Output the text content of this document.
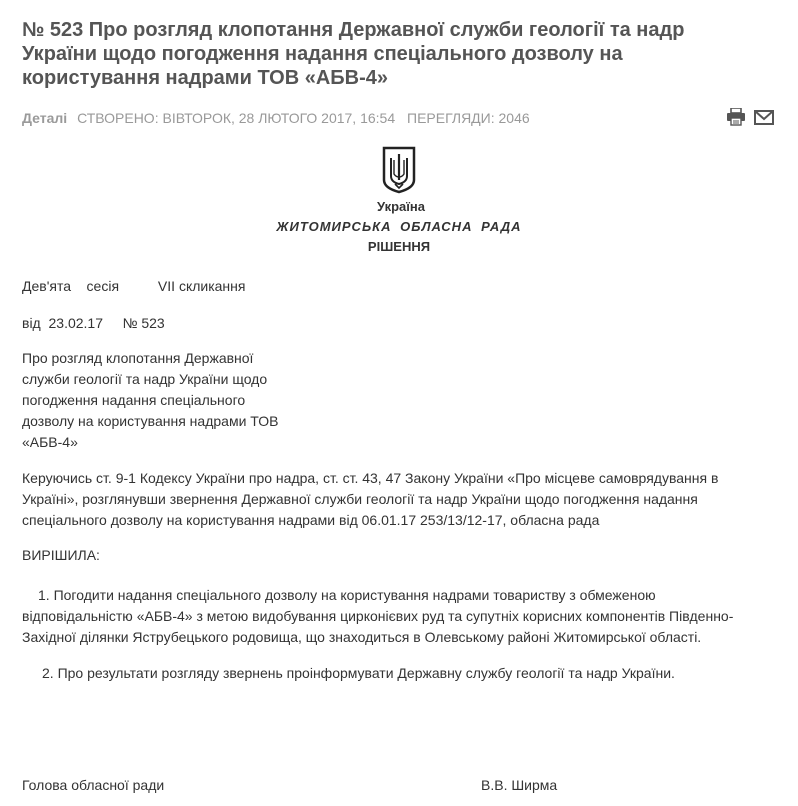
№ 523 Про розгляд клопотання Державної служби геології та надр України щодо погодження надання спеціального дозволу на користування надрами ТОВ «АБВ-4»
Деталі СТВОРЕНО: ВІВТОРОК, 28 ЛЮТОГО 2017, 16:54 ПЕРЕГЛЯДИ: 2046
Україна
ЖИТОМИРСЬКА ОБЛАСНА РАДА
РІШЕННЯ
Дев'ята    сесія          VІІ скликання
від  23.02.17     № 523
Про розгляд клопотання Державної служби геології та надр України щодо погодження надання спеціального дозволу на користування надрами ТОВ «АБВ-4»
Керуючись ст. 9-1 Кодексу України про надра, ст. ст. 43, 47 Закону України «Про місцеве самоврядування в Україні», розглянувши звернення Державної служби геології та надр України щодо погодження надання спеціального дозволу на користування надрами від 06.01.17 253/13/12-17, обласна рада
ВИРІШИЛА:
1. Погодити надання спеціального дозволу на користування надрами товариству з обмеженою відповідальністю «АБВ-4» з метою видобування цирконієвих руд та супутніх корисних компонентів Південно-Західної ділянки Яструбецького родовища, що знаходиться в Олевському районі Житомирської області.
2. Про результати розгляду звернень проінформувати Державну службу геології та надр України.
Голова обласної ради	В.В. Ширма
